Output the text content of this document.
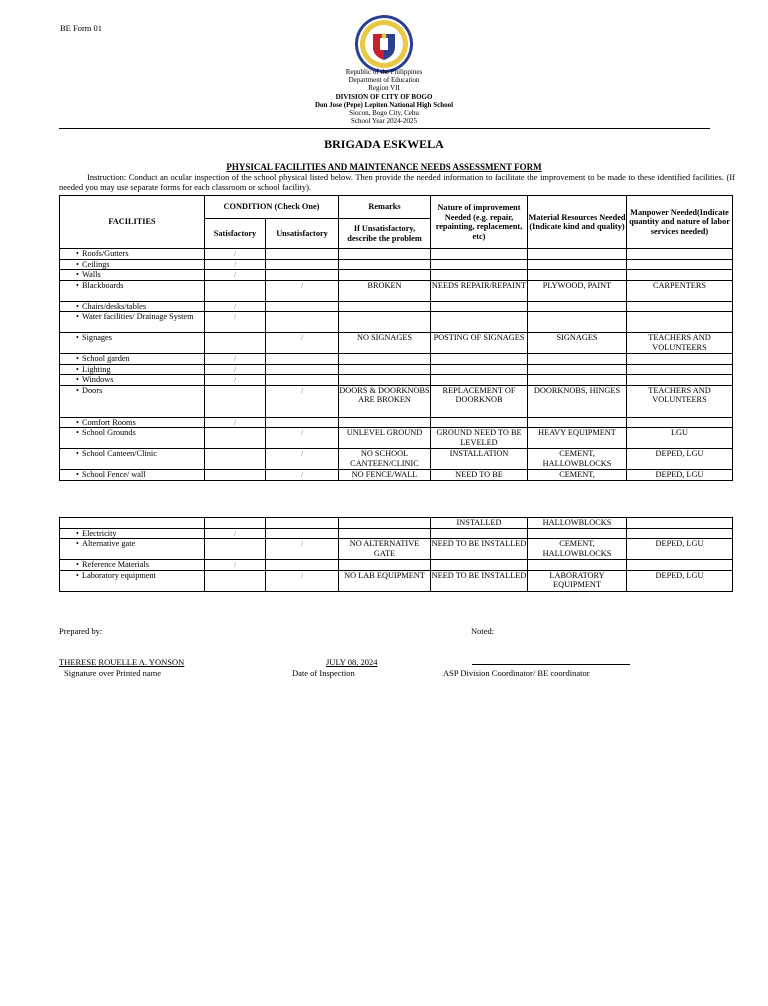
BE Form 01
Republic of the Philippines
Department of Education
Region VII
DIVISION OF CITY OF BOGO
Don Jose (Pepe) Lepiten National High School
Siocon, Bogo City, Cebu
School Year 2024-2025
BRIGADA ESKWELA
PHYSICAL FACILITIES AND MAINTENANCE NEEDS ASSESSMENT FORM
Instruction: Conduct an ocular inspection of the school physical listed below. Then provide the needed information to facilitate the improvement to be made to these identified facilities. (If needed you may use separate forms for each classroom or school facility).
FACILITIES	CONDITION (Check One)		Remarks	Nature of improvement Needed (e.g. repair, repainting, replacement, etc)	Material Resources Needed (Indicate kind and quality)	Manpower Needed(Indicate quantity and nature of labor services needed)
	Satisfactory	Unsatisfactory	If Unsatisfactory, describe the problem			
• Roofs/Gutters	/					
• Ceilings	/					
• Walls	/					
• Blackboards		/	BROKEN	NEEDS REPAIR/REPAINT	PLYWOOD, PAINT	CARPENTERS
• Chairs/desks/tables	/					
• Water facilities/ Drainage System	/					
• Signages		/	NO SIGNAGES	POSTING OF SIGNAGES	SIGNAGES	TEACHERS AND VOLUNTEERS
• School garden	/					
• Lighting	/					
• Windows	/					
• Doors		/	DOORS & DOORKNOBS ARE BROKEN	REPLACEMENT OF DOORKNOB	DOORKNOBS, HINGES	TEACHERS AND VOLUNTEERS
• Comfort Rooms	/					
• School Grounds		/	UNLEVEL GROUND	GROUND NEED TO BE LEVELED	HEAVY EQUIPMENT	LGU
• School Canteen/Clinic		/	NO SCHOOL CANTEEN/CLINIC	INSTALLATION	CEMENT, HALLOWBLOCKS	DEPED, LGU
• School Fence/ wall		/	NO FENCE/WALL	NEED TO BE	CEMENT,	DEPED, LGU
				INSTALLED	HALLOWBLOCKS	
• Electricity	/					
• Alternative gate		/	NO ALTERNATIVE GATE	NEED TO BE INSTALLED	CEMENT, HALLOWBLOCKS	DEPED, LGU
• Reference Materials	/					
• Laboratory equipment		/	NO LAB EQUIPMENT	NEED TO BE INSTALLED	LABORATORY EQUIPMENT	DEPED, LGU
Prepared by:	Noted:
THERESE ROUELLE A. YONSON
Signature over Printed name
JULY 08, 2024
Date of Inspection	ASP Division Coordinator/ BE coordinator
